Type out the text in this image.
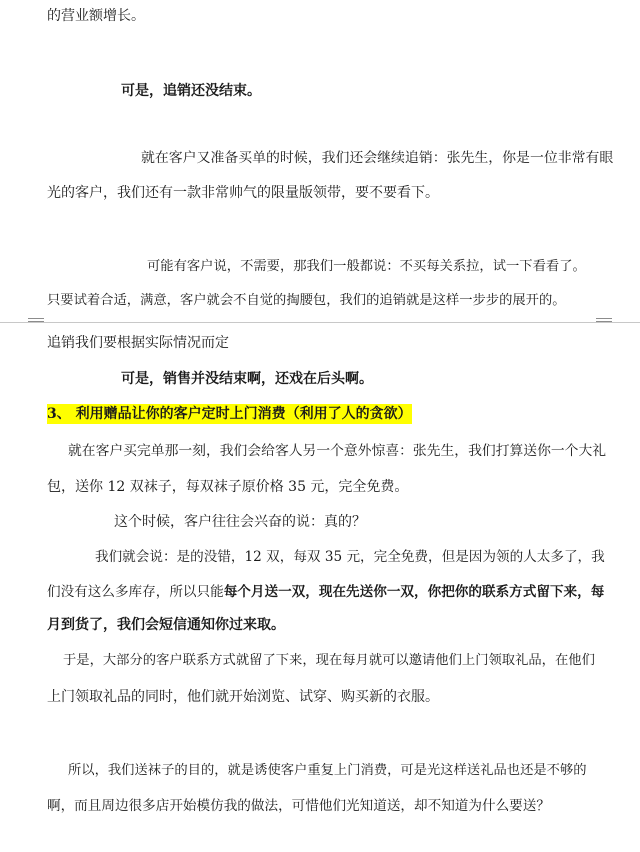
的营业额增长。
可是，追销还没结束。
就在客户又准备买单的时候，我们还会继续追销：张先生，你是一位非常有眼
光的客户，我们还有一款非常帅气的限量版领带，要不要看下。
可能有客户说，不需要，那我们一般都说：不买每关系拉，试一下看看了。
只要试着合适，满意，客户就会不自觉的掏腰包，我们的追销就是这样一步步的展开的。
追销我们要根据实际情况而定
可是，销售并没结束啊，还戏在后头啊。
3、 利用赠品让你的客户定时上门消费（利用了人的贪欲）
就在客户买完单那一刻，我们会给客人另一个意外惊喜：张先生，我们打算送你一个大礼
包，送你 12 双袜子，每双袜子原价格 35 元，完全免费。
这个时候，客户往往会兴奋的说：真的？
我们就会说：是的没错，12 双，每双 35 元，完全免费，但是因为领的人太多了，我
们没有这么多库存，所以只能每个月送一双，现在先送你一双，你把你的联系方式留下来，每
月到货了，我们会短信通知你过来取。
于是，大部分的客户联系方式就留了下来，现在每月就可以邀请他们上门领取礼品，在他们
上门领取礼品的同时，他们就开始浏览、试穿、购买新的衣服。
所以，我们送袜子的目的，就是诱使客户重复上门消费，可是光这样送礼品也还是不够的
啊，而且周边很多店开始模仿我的做法，可惜他们光知道送，却不知道为什么要送？
